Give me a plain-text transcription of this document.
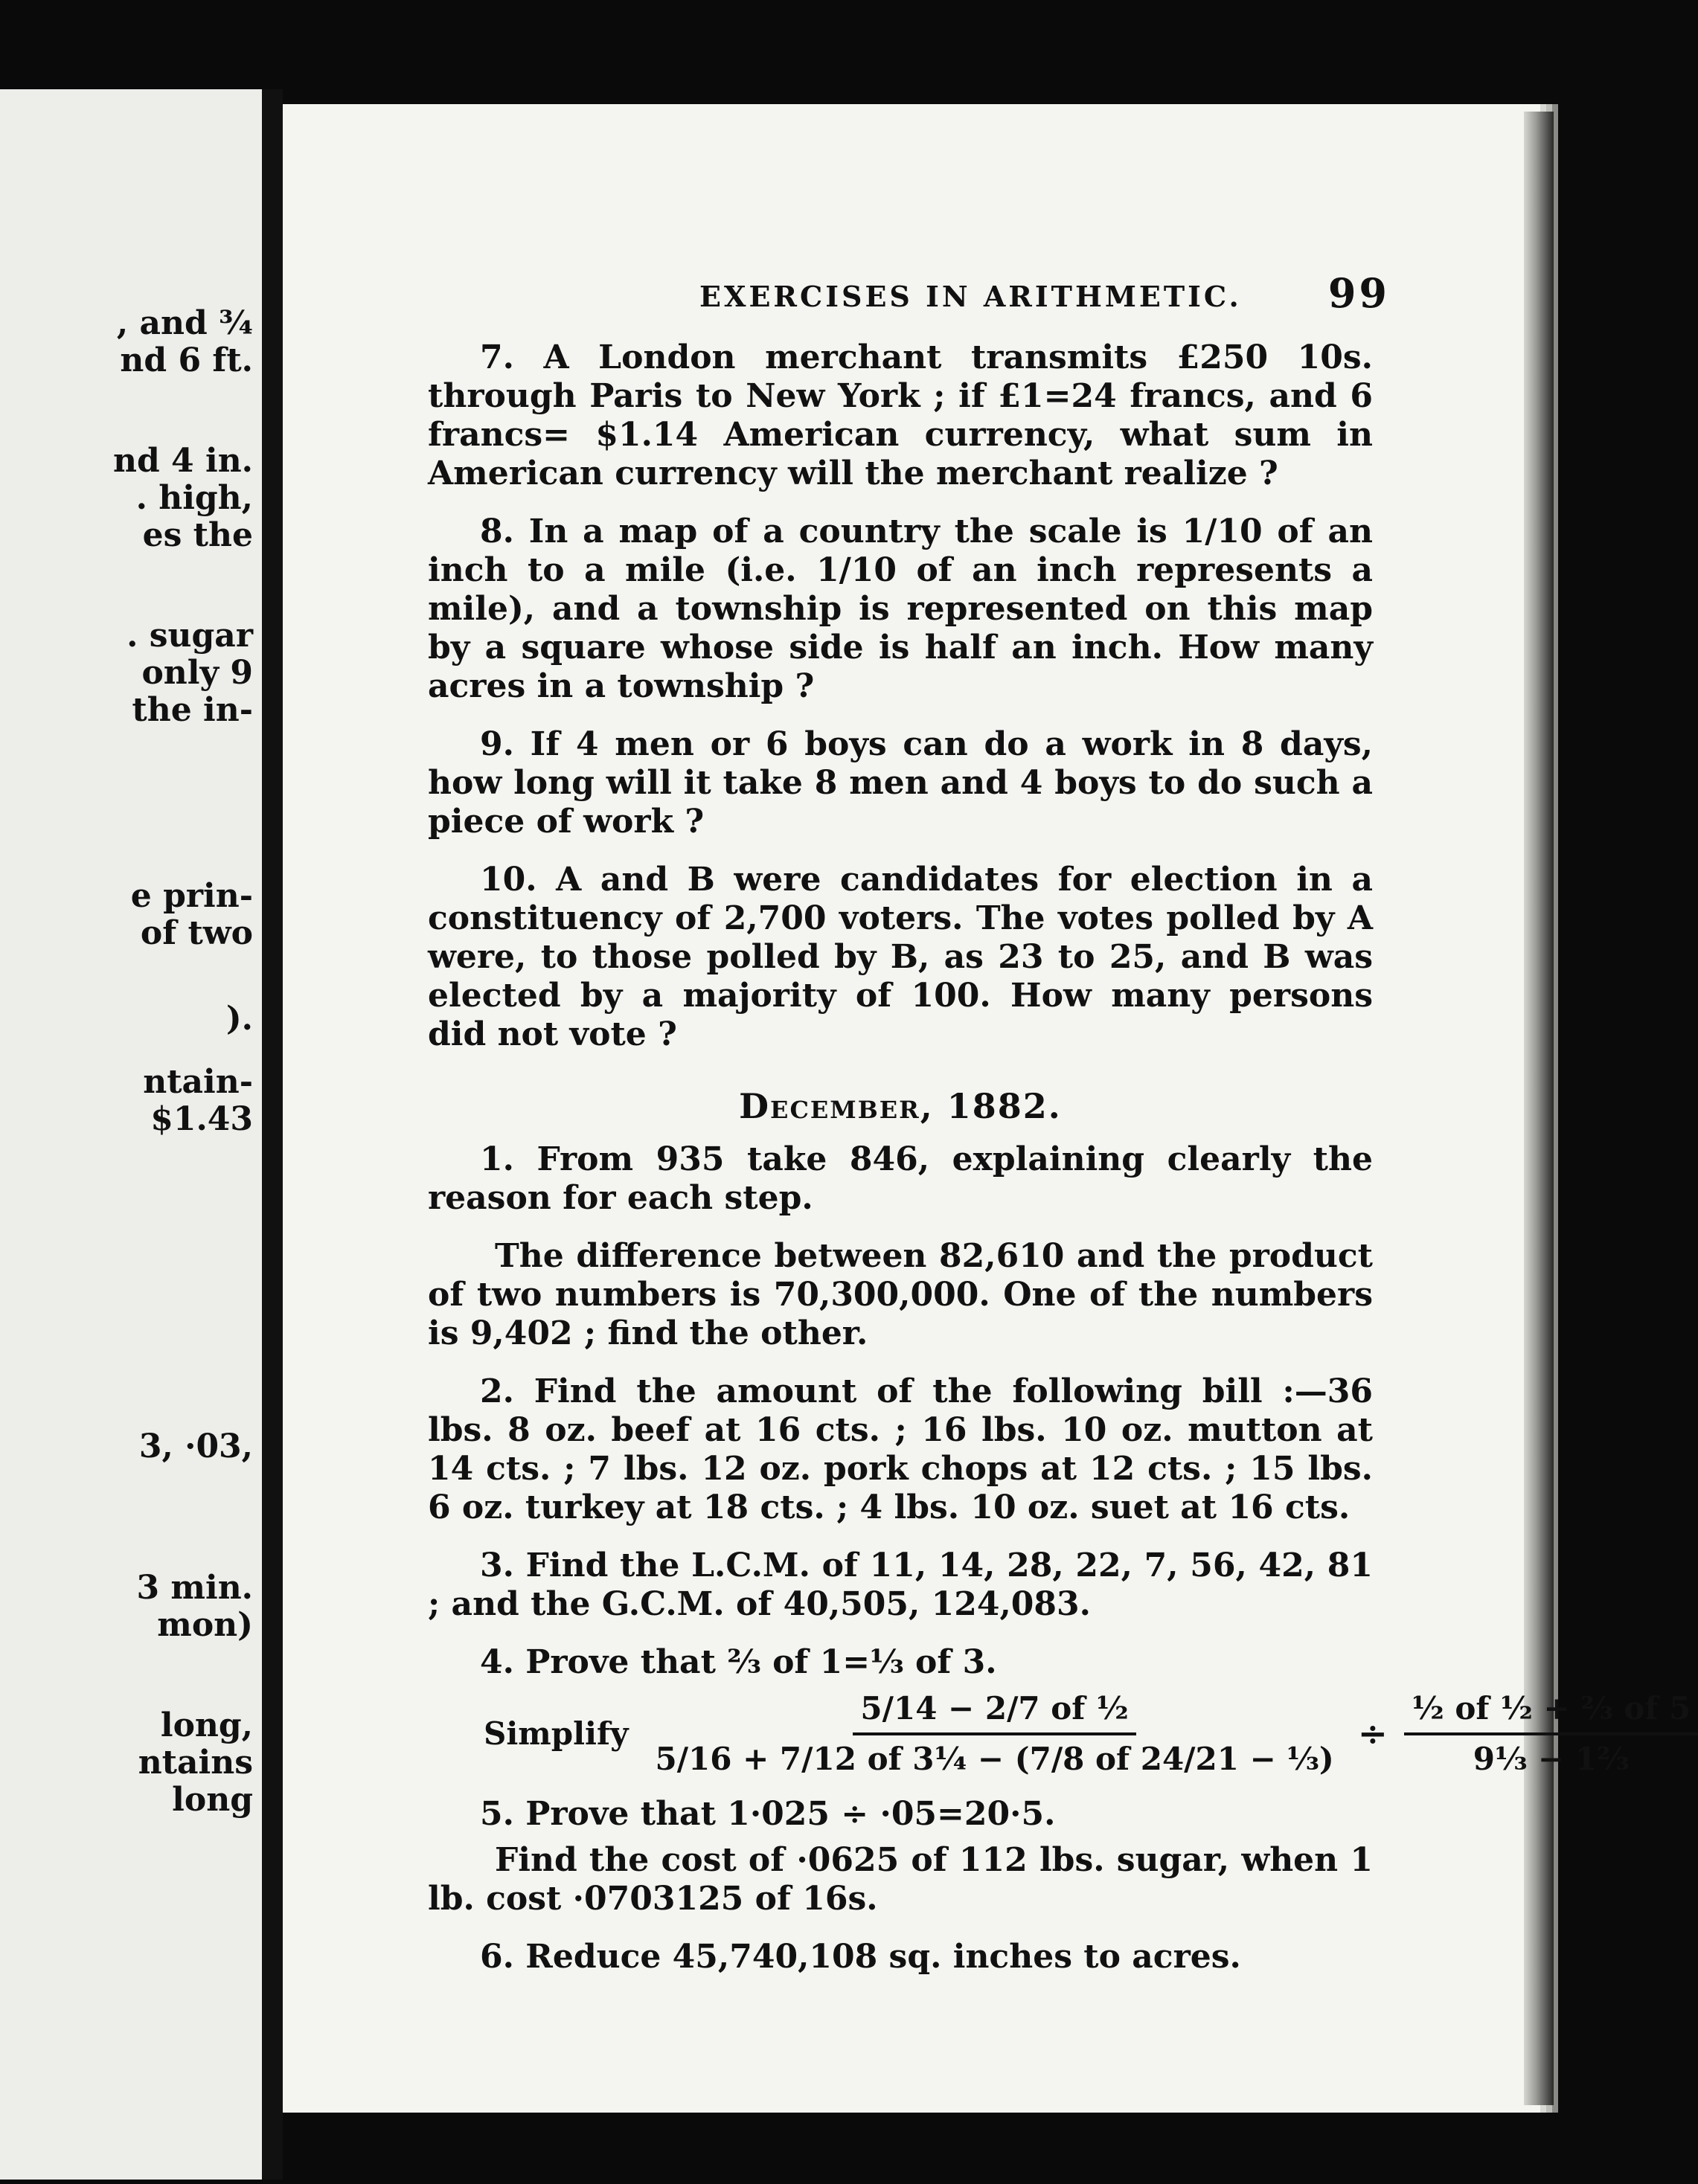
, and ¾
nd 6 ft.
nd 4 in.
. high,
es the
. sugar
only 9
the in-
e prin-
of two
).
ntain-
$1.43
3, ·03,
3 min.
mon)
long,
ntains
long
EXERCISES IN ARITHMETIC. 99

7. A London merchant transmits £250 10s. through Paris to New York ; if £1=24 francs, and 6 francs= $1.14 American currency, what sum in American currency will the merchant realize ?

8. In a map of a country the scale is 1/10 of an inch to a mile (i.e. 1/10 of an inch represents a mile), and a township is represented on this map by a square whose side is half an inch. How many acres in a township ?

9. If 4 men or 6 boys can do a work in 8 days, how long will it take 8 men and 4 boys to do such a piece of work ?

10. A and B were candidates for election in a constituency of 2,700 voters. The votes polled by A were, to those polled by B, as 23 to 25, and B was elected by a majority of 100. How many persons did not vote ?

December, 1882.

1. From 935 take 846, explaining clearly the reason for each step.

The difference between 82,610 and the product of two numbers is 70,300,000. One of the numbers is 9,402 ; find the other.

2. Find the amount of the following bill :—36 lbs. 8 oz. beef at 16 cts. ; 16 lbs. 10 oz. mutton at 14 cts. ; 7 lbs. 12 oz. pork chops at 12 cts. ; 15 lbs. 6 oz. turkey at 18 cts. ; 4 lbs. 10 oz. suet at 16 cts.

3. Find the L.C.M. of 11, 14, 28, 22, 7, 56, 42, 81 ; and the G.C.M. of 40,505, 124,083.

4. Prove that ⅔ of 1=⅓ of 3.

Simplify $\frac{\text{5/14 − 2/7 of ½}}{\text{5/16 + 7/12 of 3¼ − (7/8 of 24/21 − ⅓)}} \div \frac{\text{½ of ½ + ⅔ of 5}}{\text{9⅓ − 1⅔}}$

5. Prove that 1·025 ÷ ·05=20·5.

Find the cost of ·0625 of 112 lbs. sugar, when 1 lb. cost ·0703125 of 16s.

6. Reduce 45,740,108 sq. inches to acres.
